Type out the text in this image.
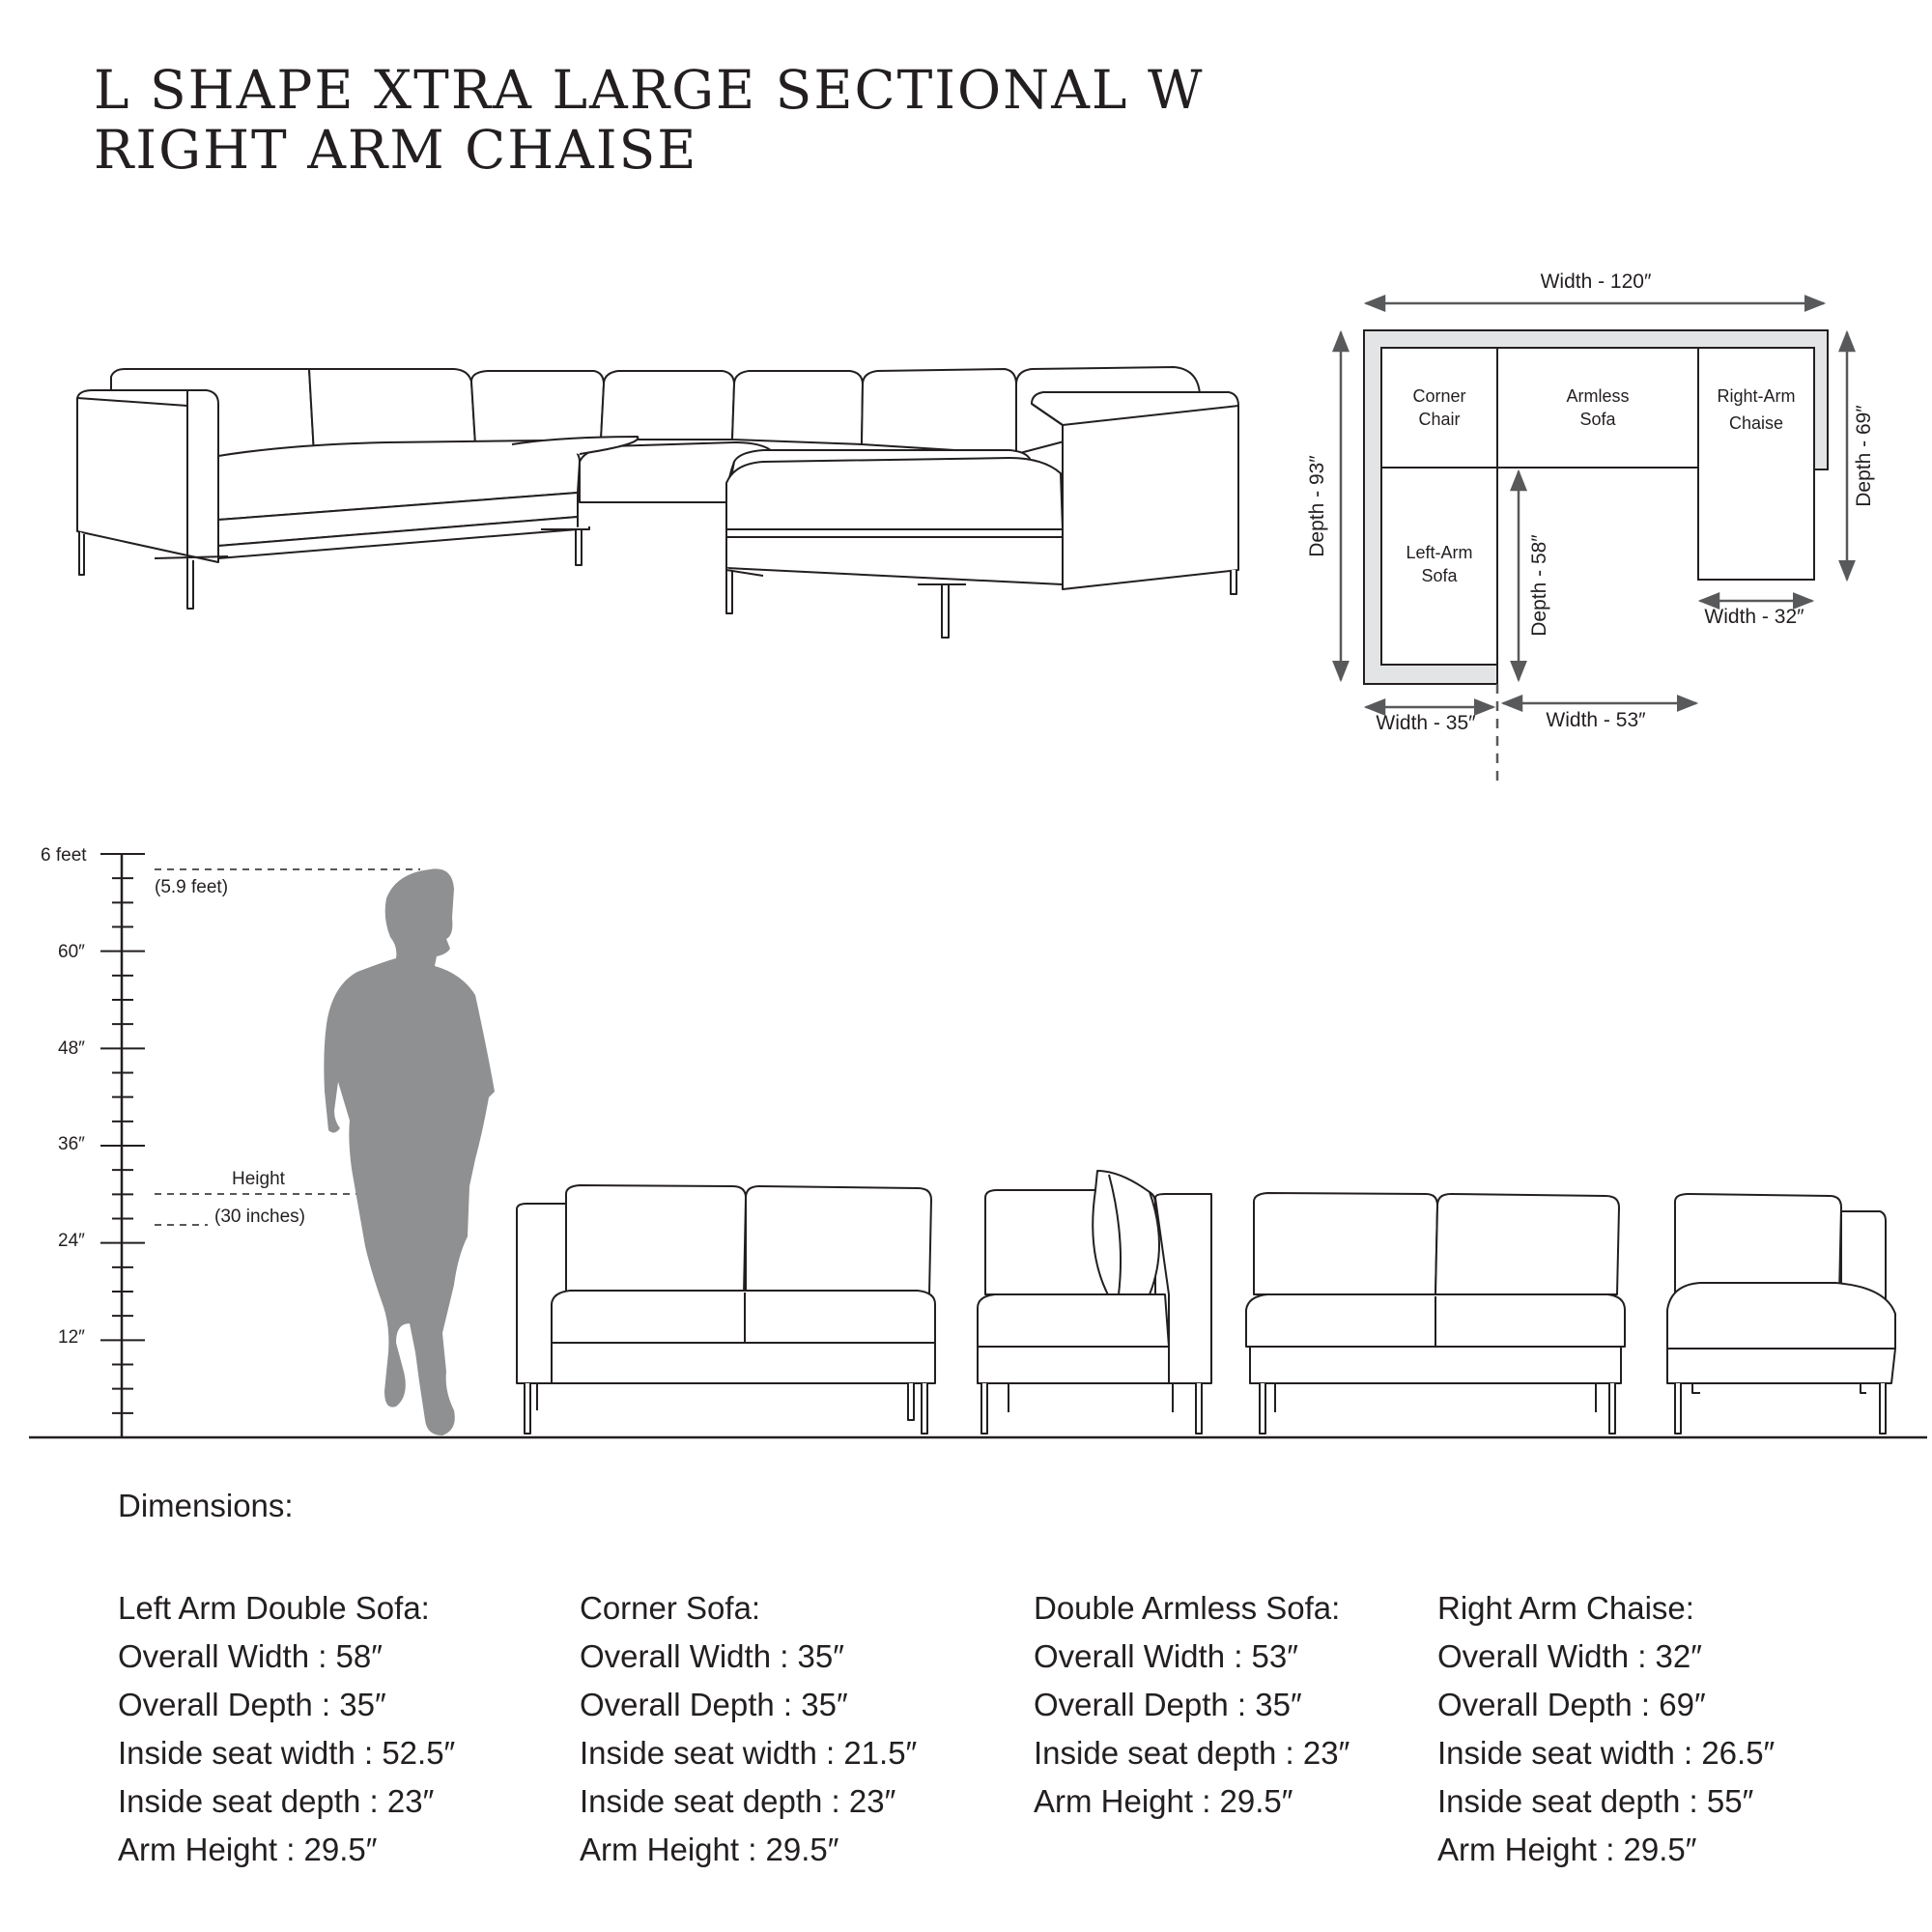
L SHAPE XTRA LARGE SECTIONAL W
RIGHT ARM CHAISE
Corner
Chair
Armless
Sofa
Right-Arm
Chaise
Left-Arm
Sofa
Width - 120″
Depth - 93″	Depth - 69″
Depth - 58″	Width - 32″
Width - 35″	Width - 53″
6 feet
60″
48″
36″
24″
12″
(5.9 feet)
Height
(30 inches)
Dimensions:
Left Arm Double Sofa:
Overall Width : 58″
Overall Depth : 35″
Inside seat width : 52.5″
Inside seat depth : 23″
Arm Height : 29.5″
Corner Sofa:
Overall Width : 35″
Overall Depth : 35″
Inside seat width : 21.5″
Inside seat depth : 23″
Arm Height : 29.5″
Double Armless Sofa:
Overall Width : 53″
Overall Depth : 35″
Inside seat depth : 23″
Arm Height : 29.5″
Right Arm Chaise:
Overall Width : 32″
Overall Depth : 69″
Inside seat width : 26.5″
Inside seat depth : 55″
Arm Height : 29.5″
